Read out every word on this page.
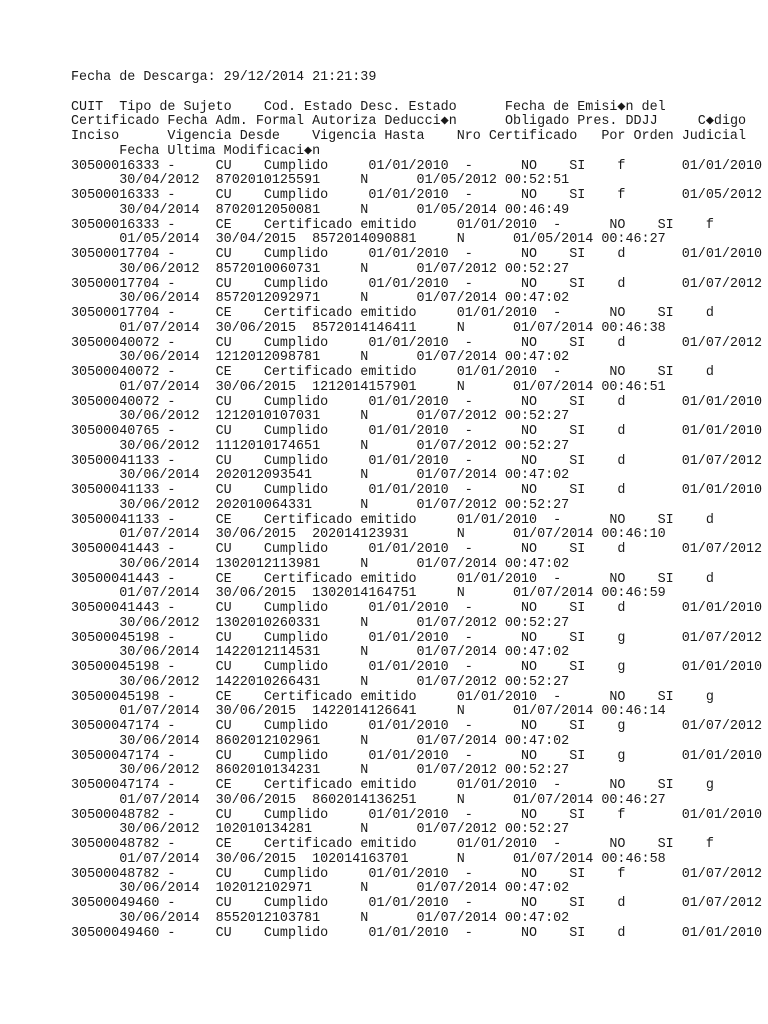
Fecha de Descarga: 29/12/2014 21:21:39
CUIT  Tipo de Sujeto    Cod. Estado Desc. Estado      Fecha de Emisi◆n del
Certificado Fecha Adm. Formal Autoriza Deducci◆n      Obligado Pres. DDJJ     C◆digo
Inciso      Vigencia Desde    Vigencia Hasta    Nro Certificado   Por Orden Judicial
Fecha Ultima Modificaci◆n
30500016333 -     CU    Cumplido     01/01/2010  -      NO    SI    f       01/01/2010
30/04/2012  8702010125591     N      01/05/2012 00:52:51
30500016333 -     CU    Cumplido     01/01/2010  -      NO    SI    f       01/05/2012
30/04/2014  8702012050081     N      01/05/2014 00:46:49
30500016333 -     CE    Certificado emitido     01/01/2010  -      NO    SI    f
01/05/2014  30/04/2015  8572014090881     N      01/05/2014 00:46:27
30500017704 -     CU    Cumplido     01/01/2010  -      NO    SI    d       01/01/2010
30/06/2012  8572010060731     N      01/07/2012 00:52:27
30500017704 -     CU    Cumplido     01/01/2010  -      NO    SI    d       01/07/2012
30/06/2014  8572012092971     N      01/07/2014 00:47:02
30500017704 -     CE    Certificado emitido     01/01/2010  -      NO    SI    d
01/07/2014  30/06/2015  8572014146411     N      01/07/2014 00:46:38
30500040072 -     CU    Cumplido     01/01/2010  -      NO    SI    d       01/07/2012
30/06/2014  1212012098781     N      01/07/2014 00:47:02
30500040072 -     CE    Certificado emitido     01/01/2010  -      NO    SI    d
01/07/2014  30/06/2015  1212014157901     N      01/07/2014 00:46:51
30500040072 -     CU    Cumplido     01/01/2010  -      NO    SI    d       01/01/2010
30/06/2012  1212010107031     N      01/07/2012 00:52:27
30500040765 -     CU    Cumplido     01/01/2010  -      NO    SI    d       01/01/2010
30/06/2012  1112010174651     N      01/07/2012 00:52:27
30500041133 -     CU    Cumplido     01/01/2010  -      NO    SI    d       01/07/2012
30/06/2014  202012093541      N      01/07/2014 00:47:02
30500041133 -     CU    Cumplido     01/01/2010  -      NO    SI    d       01/01/2010
30/06/2012  202010064331      N      01/07/2012 00:52:27
30500041133 -     CE    Certificado emitido     01/01/2010  -      NO    SI    d
01/07/2014  30/06/2015  202014123931      N      01/07/2014 00:46:10
30500041443 -     CU    Cumplido     01/01/2010  -      NO    SI    d       01/07/2012
30/06/2014  1302012113981     N      01/07/2014 00:47:02
30500041443 -     CE    Certificado emitido     01/01/2010  -      NO    SI    d
01/07/2014  30/06/2015  1302014164751     N      01/07/2014 00:46:59
30500041443 -     CU    Cumplido     01/01/2010  -      NO    SI    d       01/01/2010
30/06/2012  1302010260331     N      01/07/2012 00:52:27
30500045198 -     CU    Cumplido     01/01/2010  -      NO    SI    g       01/07/2012
30/06/2014  1422012114531     N      01/07/2014 00:47:02
30500045198 -     CU    Cumplido     01/01/2010  -      NO    SI    g       01/01/2010
30/06/2012  1422010266431     N      01/07/2012 00:52:27
30500045198 -     CE    Certificado emitido     01/01/2010  -      NO    SI    g
01/07/2014  30/06/2015  1422014126641     N      01/07/2014 00:46:14
30500047174 -     CU    Cumplido     01/01/2010  -      NO    SI    g       01/07/2012
30/06/2014  8602012102961     N      01/07/2014 00:47:02
30500047174 -     CU    Cumplido     01/01/2010  -      NO    SI    g       01/01/2010
30/06/2012  8602010134231     N      01/07/2012 00:52:27
30500047174 -     CE    Certificado emitido     01/01/2010  -      NO    SI    g
01/07/2014  30/06/2015  8602014136251     N      01/07/2014 00:46:27
30500048782 -     CU    Cumplido     01/01/2010  -      NO    SI    f       01/01/2010
30/06/2012  102010134281      N      01/07/2012 00:52:27
30500048782 -     CE    Certificado emitido     01/01/2010  -      NO    SI    f
01/07/2014  30/06/2015  102014163701      N      01/07/2014 00:46:58
30500048782 -     CU    Cumplido     01/01/2010  -      NO    SI    f       01/07/2012
30/06/2014  102012102971      N      01/07/2014 00:47:02
30500049460 -     CU    Cumplido     01/01/2010  -      NO    SI    d       01/07/2012
30/06/2014  8552012103781     N      01/07/2014 00:47:02
30500049460 -     CU    Cumplido     01/01/2010  -      NO    SI    d       01/01/2010
